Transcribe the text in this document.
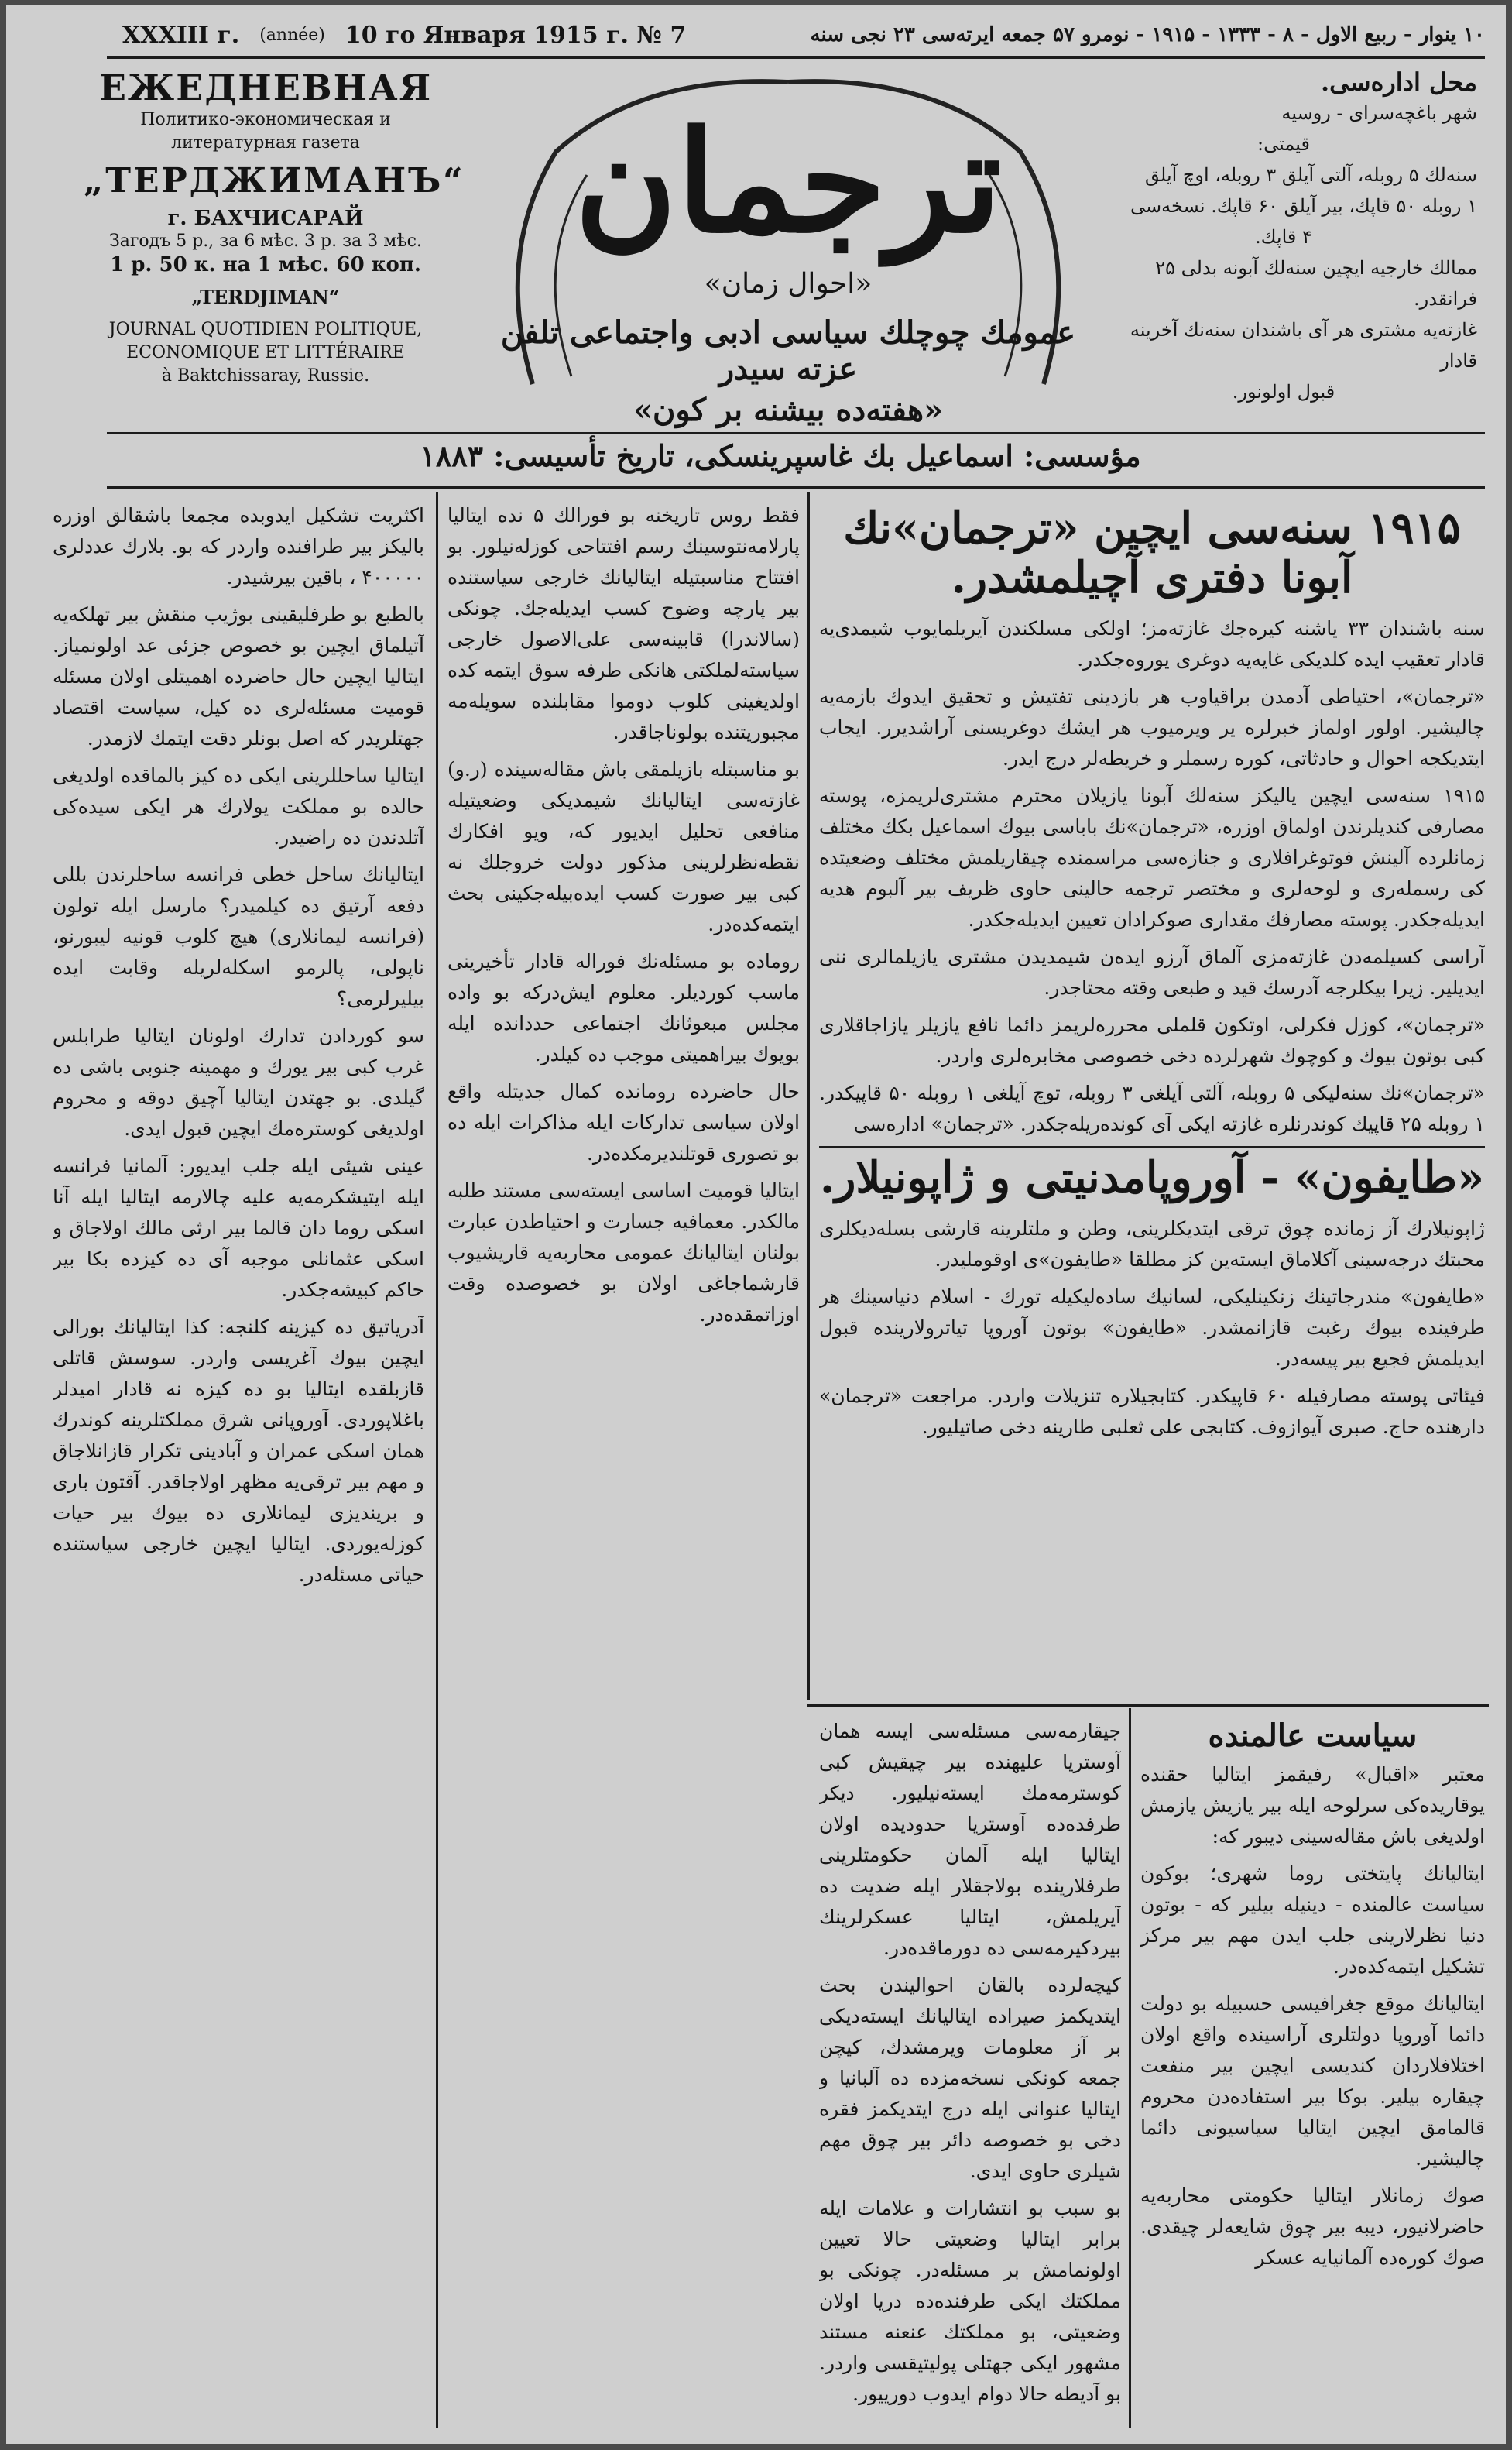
XXXIII г. (année) 10 го Января 1915 г. № 7	۱۰ ینوار - ربیع الاول - ۸ - ۱۳۳۳ - ۱۹۱۵ - نومرو ۵۷ جمعه ایرته‌سی ۲۳ نجی سنه
ЕЖЕДНЕВНАЯ
Политико-экономическая и литературная газета
„ТЕРДЖИМАНЪ“
г. БАХЧИСАРАЙ
Загодъ 5 р., за 6 мѣс. 3 р. за 3 мѣс.
1 р. 50 к. на 1 мѣс. 60 коп.
„TERDJIMAN“
JOURNAL QUOTIDIEN POLITIQUE, ECONOMIQUE ET LITTÉRAIRE
à Baktchissaray, Russie.
ترجمان
«احوال زمان»
عمومك چوچلك سياسى ادبى واجتماعى تلفن عزته سيدر
«هفته‌ده بیشنه بر کون»
محل اداره‌سی.
شهر باغچه‌سرای - روسیه
قیمتی:
سنه‌لك ۵ روبله، آلتی آیلق ۳ روبله، اوچ آیلق
۱ روبله ۵۰ قاپك، بیر آیلق ۶۰ قاپك. نسخه‌سی
۴ قاپك.
ممالك خارجیه ایچین سنه‌لك آبونه بدلی ۲۵ فرانقدر.
غازته‌یه مشتری هر آی باشندان سنه‌نك آخرینه قادار
قبول اولونور.
مؤسسی: اسماعیل بك غاسپرینسکی، تاریخ تأسیسی: ۱۸۸۳

اكثریت تشكیل ایدوبده مجمعا باشقالق اوزره بالیكز بیر طرافنده واردر كه بو. بلارك عددلری ۴۰۰۰۰۰ ، باقین بیرشیدر.

بالطبع بو طرفلیقینی بوژیب منقش بیر تهلكه‌یه آتیلماق ایچین بو خصوص جزئی عد اولونمیاز. ایتالیا ایچین حال حاضرده اهمیتلی اولان مسئله قومیت مسئله‌لری ده كیل، سیاست اقتصاد جهتلریدر كه اصل بونلر دقت ایتمك لازمدر.

ایتالیا ساحللرینی ایكی ده كیز بالماقده اولدیغی حالده بو مملكت یولارك هر ایكی سیده‌كی آتلدندن ده راضیدر.

ایتالیانك ساحل خطی فرانسه ساحلرندن بللی دفعه آرتیق ده كیلمیدر؟ مارسل ایله تولون (فرانسه لیمانلاری) هیچ كلوب قونیه لیبورنو، ناپولی، پالرمو اسكله‌لریله وقابت ایده بیلیرلرمی؟

سو كوردادن تدارك اولونان ایتالیا طرابلس غرب كبی بیر یورك و مهمینه جنوبی باشی ده گیلدی. بو جهتدن ایتالیا آچیق دوقه و محروم اولدیغی كوستره‌مك ایچین قبول ایدی.

عینی شیئی ایله جلب ایدیور: آلمانیا فرانسه ایله ایتیشكرمه‌یه علیه چالارمه ایتالیا ایله آنا اسكی روما دان قالما بیر ارثی مالك اولاجاق و اسكی عثمانلی موجبه آی ده كیزده بكا بیر حاكم كبیشه‌جكدر.

آدریاتیق ده كیزینه كلنجه: كذا ایتالیانك بورالی ایچین بیوك آغریسی واردر. سوسش قاتلی قازبلقده ایتالیا بو ده كیزه نه قادار امیدلر باغلاپوردی. آوروپانی شرق مملكتلرینه كوندرك همان اسكی عمران و آبادینی تكرار قازانلاجاق و مهم بیر ترقی‌یه مظهر اولاجاقدر. آقتون باری و برینديزی لیمانلاری ده بیوك بیر حیات كوزله‌یوردی. ایتالیا ایچین خارجی سیاستنده حیاتی مسئله‌در.

فقط روس تاریخنه بو فورالك ۵ نده ایتالیا پارلامه‌نتوسینك رسم افتتاحی كوزله‌نیلور. بو افتتاح مناسبتیله ایتالیانك خارجی سیاستنده بیر پارچه وضوح كسب ایدیله‌جك. چونكی (سالاندرا) قابینه‌سی علی‌الاصول خارجی سیاسته‌لملكتی هانكی طرفه سوق ایتمه كده اولدیغینی كلوب دوموا مقابلنده سویله‌مه مجبوریتنده بولوناجاقدر.

بو مناسبتله بازیلمقی باش مقاله‌سینده (ر.و) غازته‌سی ایتالیانك شیمدیكی وضعیتیله منافعی تحلیل ایدیور كه، ویو افكارك نقطه‌نظرلرینی مذكور دولت خروجلك نه كبی بیر صورت كسب ایده‌بیله‌جكینی بحث ایتمه‌كده‌در.

روماده بو مسئله‌نك فوراله قادار تأخیرینی ماسب كوردیلر. معلوم ایش‌درکه بو واده مجلس مبعوثانك اجتماعی حددانده ایله‌ بویوك بیراهمیتی موجب ده كیلدر.

حال حاضرده رومانده كمال جدیتله واقع اولان سیاسی تداركات ایله مذاكرات ایله ده بو تصوری قوتلندیرمكده‌در.

ایتالیا قومیت اساسی ایسته‌سی مستند طلبه مالكدر. معمافیه جسارت و احتیاطدن عبارت بولنان ایتالیانك عمومی محاربه‌یه قاریشیوب قارشماجاغی اولان بو خصوصده وقت اوزاتمقده‌در.

۱۹۱۵ سنه‌سی ایچین «ترجمان»نك آبونا دفتری آچیلمشدر.

سنه باشندان ۳۳ یاشنه كیره‌جك غازته‌مز؛ اولكی مسلكندن آیریلمایوب شیمدی‌یه قادار تعقیب ایده كلدیكی غایه‌یه دوغری یوروه‌جكدر.

«ترجمان»، احتیاطی آدمدن براقیاوب هر بازدینی تفتیش و تحقیق ایدوك بازمه‌یه چالیشیر. اولور اولماز خبرلره یر ویرمیوب هر ایشك دوغریسنی آراشدیرر. ایجاب ایتدیكجه احوال و حادثاتی، كوره رسملر و خریطه‌لر درج ایدر.

۱۹۱۵ سنه‌سی ایچین یالیكز سنه‌لك آبونا یازیلان محترم مشتری‌لریمزه، پوسته مصارفی كندیلرندن اولماق اوزره، «ترجمان»نك باباسی بیوك اسماعیل بكك مختلف زمانلرده آلینش فوتوغرافلاری و جنازه‌سی مراسمنده چیقاریلمش مختلف وضعیتده كی رسمله‌ری و لوحه‌لری و مختصر ترجمه حالینی حاوی ظریف بیر آلبوم هدیه ایدیله‌جكدر. پوسته مصارفك مقداری صوكرادان تعیین ایدیله‌جكدر.

آراسی كسیلمه‌دن غازته‌مزی آلماق آرزو ایده‌ن شیمدیدن مشتری یازیلمالری ننی ایدیلیر. زیرا بیكلرجه آدرسك قید و طبعی وقته محتاجدر.

«ترجمان»، كوزل فكرلی، اوتكون قلملی محرره‌لریمز دائما نافع یازیلر یازاجاقلاری كبی بوتون بیوك و كوچوك شهرلرده دخی خصوصی مخابره‌لری واردر.

«ترجمان»نك سنه‌لیكی ۵ روبله، آلتی آیلغی ۳ روبله، توچ آیلغی ۱ روبله ۵۰ قاپیكدر. ۱ روبله ۲۵ قاپیك كوندرنلره غازته ایكی آی كونده‌ریله‌جكدر. «ترجمان» اداره‌سی

«طایفون» - آوروپامدنیتی و ژاپونیلار.

ژاپونیلارك آز زمانده چوق ترقی ایتدیكلرینی، وطن و ملتلرینه قارشی بسله‌دیكلری محبتك درجه‌سینی آكلاماق ایسته‌ین كز مطلقا «طایفون»ی اوقوملیدر.

«طایفون» مندرجاتینك زنكینلیكی، لسانیك ساده‌لیكیله تورك - اسلام دنیاسینك هر طرفینده بیوك رغبت قازانمشدر. «طایفون» بوتون آوروپا تیاترولارینده قبول ایدیلمش فجیع بیر پیسه‌در.

فیئاتی پوسته مصارفیله ۶۰ قاپیكدر. كتابجیلاره تنزیلات واردر. مراجعت «ترجمان» دارهنده حاج. صبری آیوازوف. كتابجی علی ثعلبی طارینه دخی صاتیلیور.

جیقارمه‌سی مسئله‌سی ایسه همان آوستریا علیهنده بیر چیقیش كبی كوسترمه‌مك ایسته‌نیلیور. دیكر طرفده‌ده آوستریا حدودیده اولان ایتالیا ایله آلمان حكومتلرینی طرفلارینده بولاجقلار ایله ضدیت ده آیریلمش، ایتالیا عسكرلرینك بیردكیرمه‌سی ده دورماقده‌در.

كیچه‌لرده بالقان احوالیندن بحث ایتدیكمز صیراده ایتالیانك ایسته‌دیكی بر آز معلومات ویرمشدك، كیچن جمعه كونكی نسخه‌مزده ده آلبانیا و ایتالیا عنوانی ایله درج ایتدیكمز فقره دخی بو خصوصه دائر بیر چوق مهم شیلری حاوی ایدی.

بو سبب بو انتشارات و علامات ایله برابر ایتالیا وضعیتی حالا تعیین اولونمامش بر مسئله‌در. چونكی بو مملكتك ایكی طرفنده‌ده دریا اولان وضعیتی، بو مملكتك عنعنه مستند مشهور ایكی جهتلی پولیتیقسی واردر. بو آدیطه حالا دوام ایدوب دورییور.

سیاست عالمنده

معتبر «اقبال» رفیقمز ایتالیا حقنده یوقاریده‌كی سرلوحه ایله بیر یازیش یازمش اولدیغی باش مقاله‌سینی دیبور که:

ایتالیانك پایتختی روما شهری؛ بوكون سیاست عالمنده - دینیله بیلیر كه - بوتون دنیا نظرلارینی جلب ایدن مهم بیر مركز تشكیل ایتمه‌كده‌در.

ایتالیانك موقع جغرافیسی حسبیله بو دولت دائما آوروپا دولتلری آراسینده واقع اولان اختلافلاردان كندیسی ایچین بیر منفعت چیقاره بیلیر. بوكا بیر استفاده‌دن محروم قالمامق ایچین ایتالیا سیاسیونی دائما چالیشیر.

صوك زمانلار ایتالیا حكومتی محاربه‌یه حاضرلانیور، دیبه بیر چوق شایعه‌لر چیقدی. صوك كوره‌ده آلمانیایه عسكر
